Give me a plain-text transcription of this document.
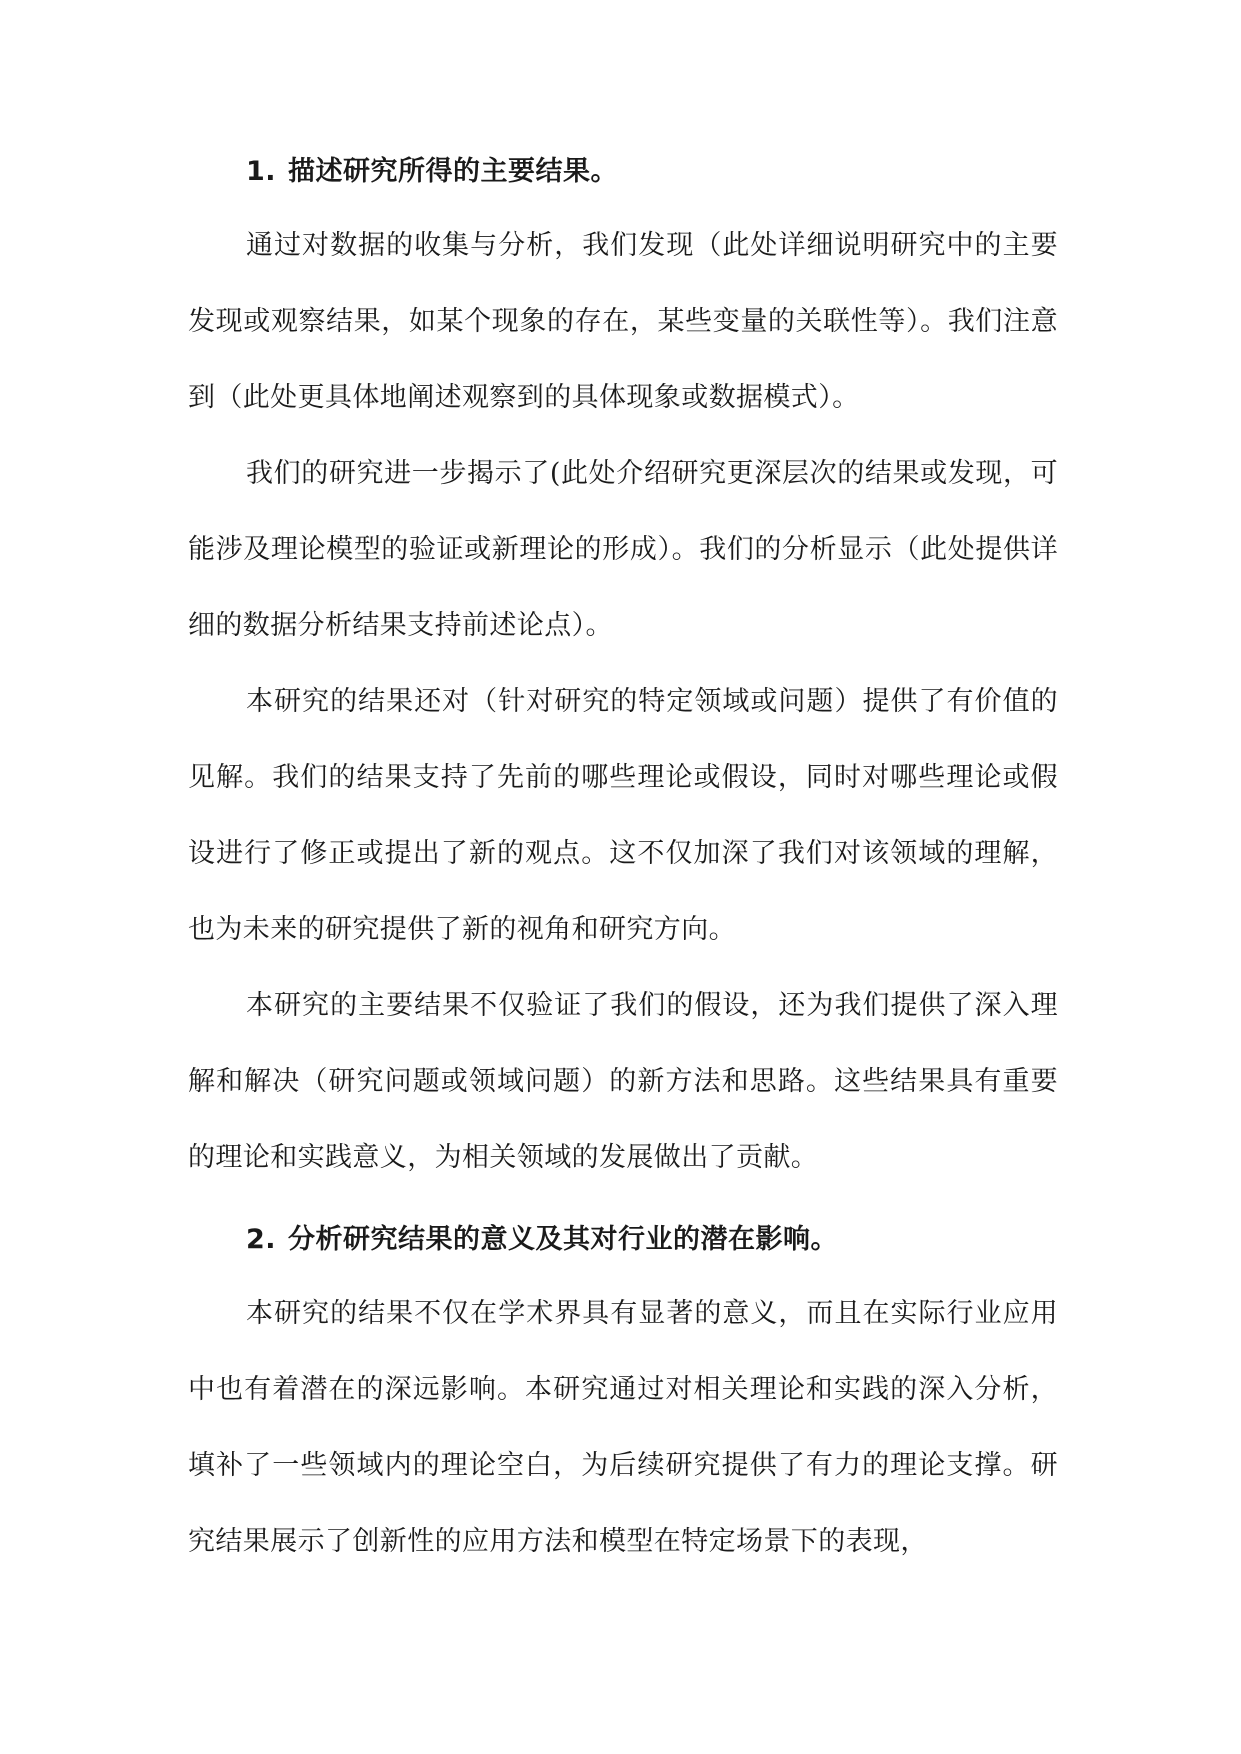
1. 描述研究所得的主要结果。

通过对数据的收集与分析，我们发现（此处详细说明研究中的主要发现或观察结果，如某个现象的存在，某些变量的关联性等）。我们注意到（此处更具体地阐述观察到的具体现象或数据模式）。

我们的研究进一步揭示了(此处介绍研究更深层次的结果或发现，可能涉及理论模型的验证或新理论的形成）。我们的分析显示（此处提供详细的数据分析结果支持前述论点）。

本研究的结果还对（针对研究的特定领域或问题）提供了有价值的见解。我们的结果支持了先前的哪些理论或假设，同时对哪些理论或假设进行了修正或提出了新的观点。这不仅加深了我们对该领域的理解，也为未来的研究提供了新的视角和研究方向。

本研究的主要结果不仅验证了我们的假设，还为我们提供了深入理解和解决（研究问题或领域问题）的新方法和思路。这些结果具有重要的理论和实践意义，为相关领域的发展做出了贡献。

2. 分析研究结果的意义及其对行业的潜在影响。

本研究的结果不仅在学术界具有显著的意义，而且在实际行业应用中也有着潜在的深远影响。本研究通过对相关理论和实践的深入分析，填补了一些领域内的理论空白，为后续研究提供了有力的理论支撑。研究结果展示了创新性的应用方法和模型在特定场景下的表现，
